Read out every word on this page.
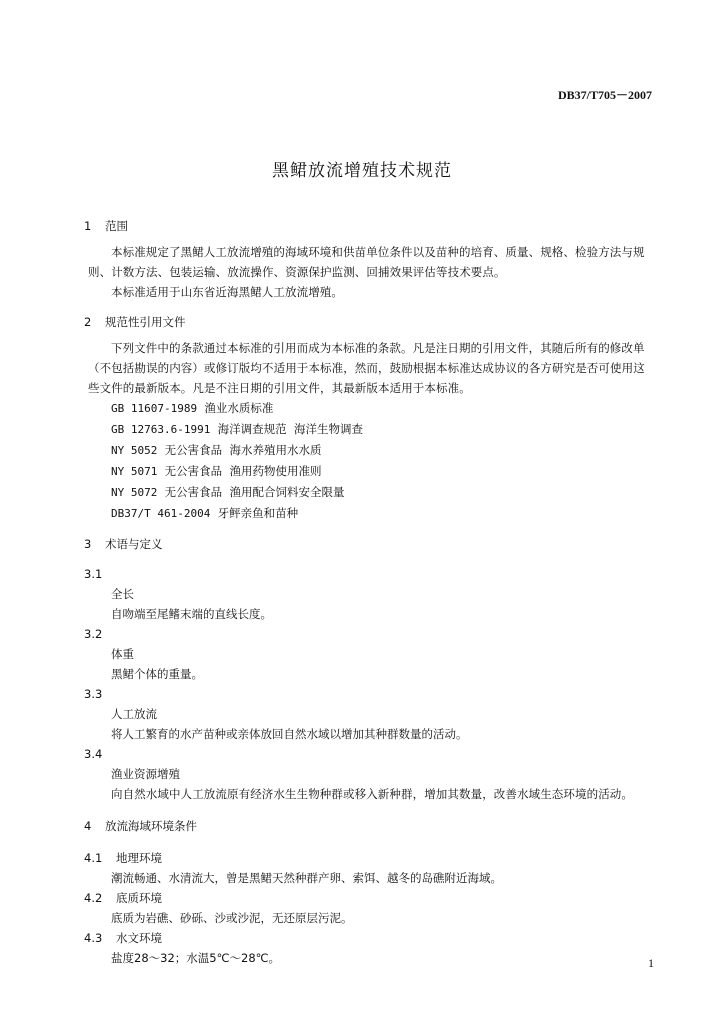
DB37/T705－2007
黑鲪放流增殖技术规范
1 范围

本标准规定了黑鲪人工放流增殖的海域环境和供苗单位条件以及苗种的培育、质量、规格、检验方法与规则、计数方法、包装运输、放流操作、资源保护监测、回捕效果评估等技术要点。

本标准适用于山东省近海黑鲪人工放流增殖。

2 规范性引用文件

下列文件中的条款通过本标准的引用而成为本标准的条款。凡是注日期的引用文件，其随后所有的修改单（不包括勘误的内容）或修订版均不适用于本标准，然而，鼓励根据本标准达成协议的各方研究是否可使用这些文件的最新版本。凡是不注日期的引用文件，其最新版本适用于本标准。

GB 11607-1989 渔业水质标准
GB 12763.6-1991 海洋调查规范  海洋生物调查
NY 5052 无公害食品  海水养殖用水水质
NY 5071 无公害食品  渔用药物使用准则
NY 5072 无公害食品  渔用配合饲料安全限量
DB37/T 461-2004 牙鲆亲鱼和苗种
3 术语与定义

3.1

全长

自吻端至尾鳍末端的直线长度。

3.2

体重

黑鲪个体的重量。

3.3

人工放流

将人工繁育的水产苗种或亲体放回自然水域以增加其种群数量的活动。

3.4

渔业资源增殖

向自然水域中人工放流原有经济水生生物种群或移入新种群，增加其数量，改善水域生态环境的活动。

4 放流海域环境条件
4.1 地理环境

潮流畅通、水清流大，曾是黑鲪天然种群产卵、索饵、越冬的岛礁附近海域。

4.2 底质环境

底质为岩礁、砂砾、沙或沙泥，无还原层污泥。

4.3 水文环境

盐度28～32；水温5℃～28℃。	1
